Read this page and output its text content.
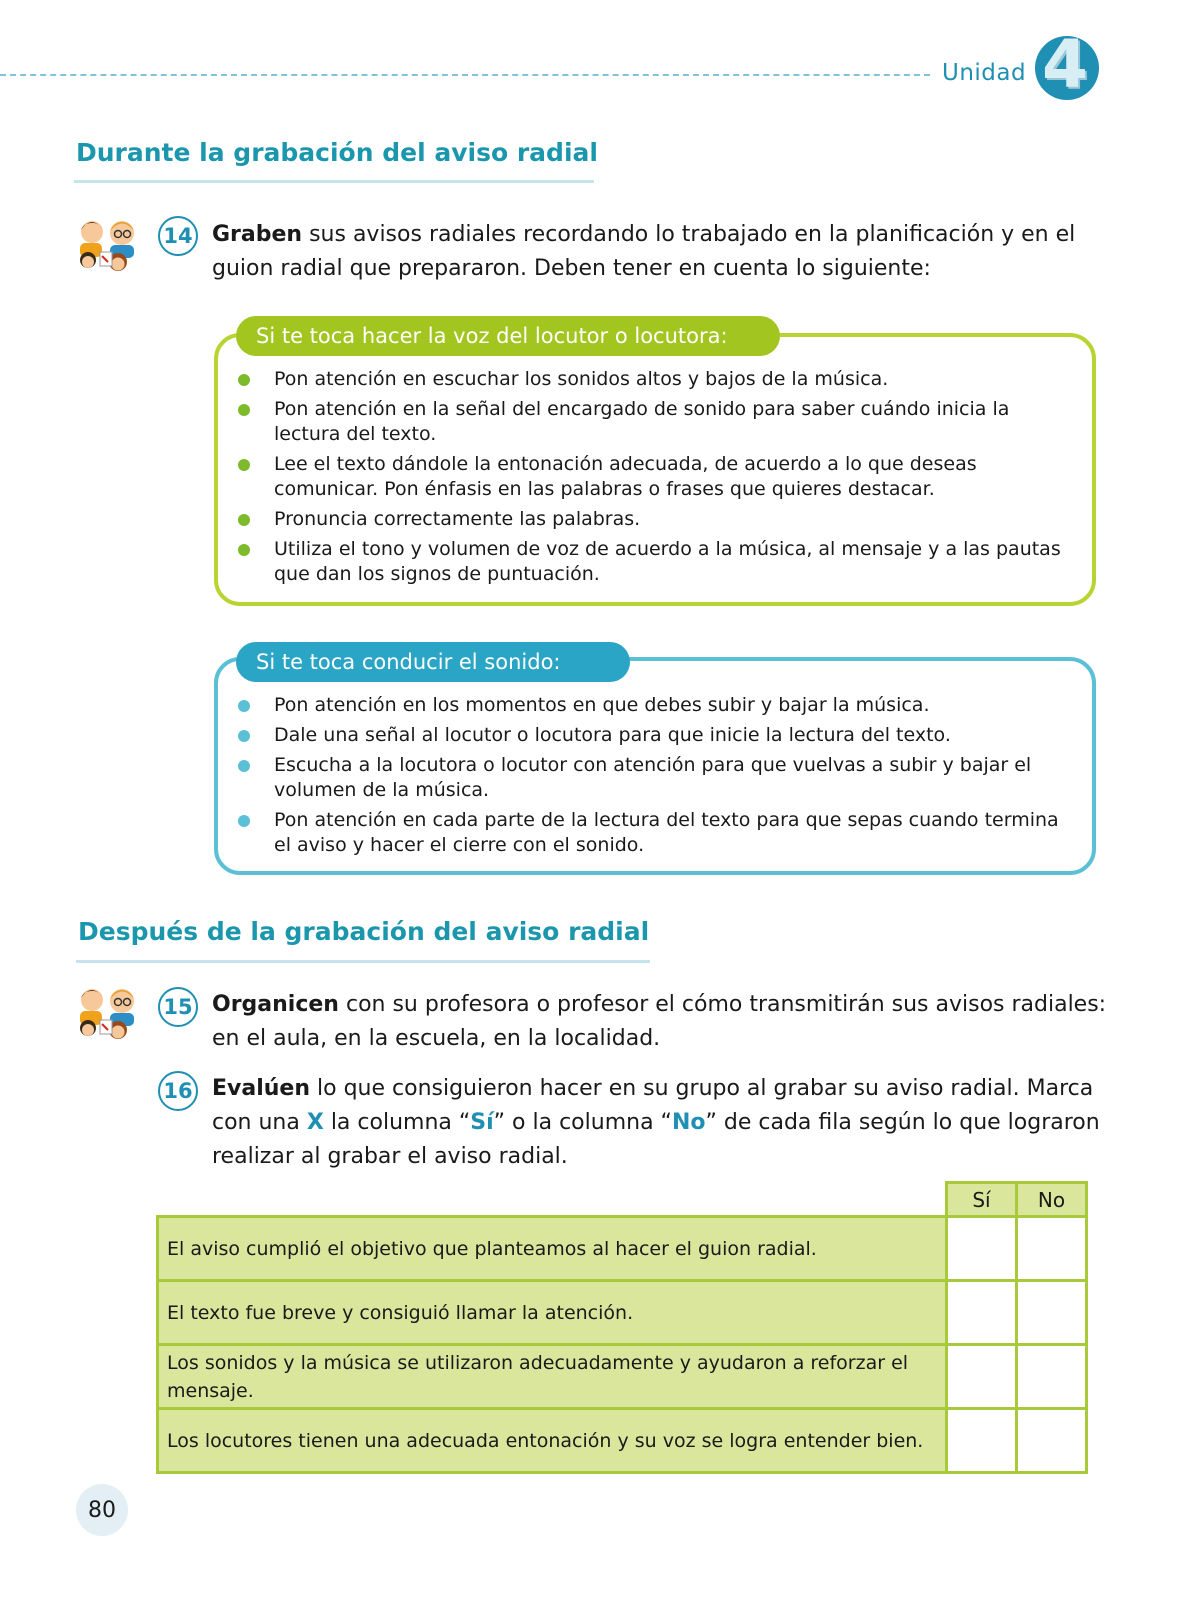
Unidad 4
Durante la grabación del aviso radial
14 Graben sus avisos radiales recordando lo trabajado en la planificación y en el guion radial que prepararon. Deben tener en cuenta lo siguiente:
Si te toca hacer la voz del locutor o locutora:
Pon atención en escuchar los sonidos altos y bajos de la música.
Pon atención en la señal del encargado de sonido para saber cuándo inicia la lectura del texto.
Lee el texto dándole la entonación adecuada, de acuerdo a lo que deseas comunicar. Pon énfasis en las palabras o frases que quieres destacar.
Pronuncia correctamente las palabras.
Utiliza el tono y volumen de voz de acuerdo a la música, al mensaje y a las pautas que dan los signos de puntuación.
Si te toca conducir el sonido:
Pon atención en los momentos en que debes subir y bajar la música.
Dale una señal al locutor o locutora para que inicie la lectura del texto.
Escucha a la locutora o locutor con atención para que vuelvas a subir y bajar el volumen de la música.
Pon atención en cada parte de la lectura del texto para que sepas cuando termina el aviso y hacer el cierre con el sonido.
Después de la grabación del aviso radial
15 Organicen con su profesora o profesor el cómo transmitirán sus avisos radiales: en el aula, en la escuela, en la localidad.
16 Evalúen lo que consiguieron hacer en su grupo al grabar su aviso radial. Marca con una X la columna “Sí” o la columna “No” de cada fila según lo que lograron realizar al grabar el aviso radial.
	Sí	No
El aviso cumplió el objetivo que planteamos al hacer el guion radial.		
El texto fue breve y consiguió llamar la atención.		
Los sonidos y la música se utilizaron adecuadamente y ayudaron a reforzar el mensaje.		
Los locutores tienen una adecuada entonación y su voz se logra entender bien.		
80
